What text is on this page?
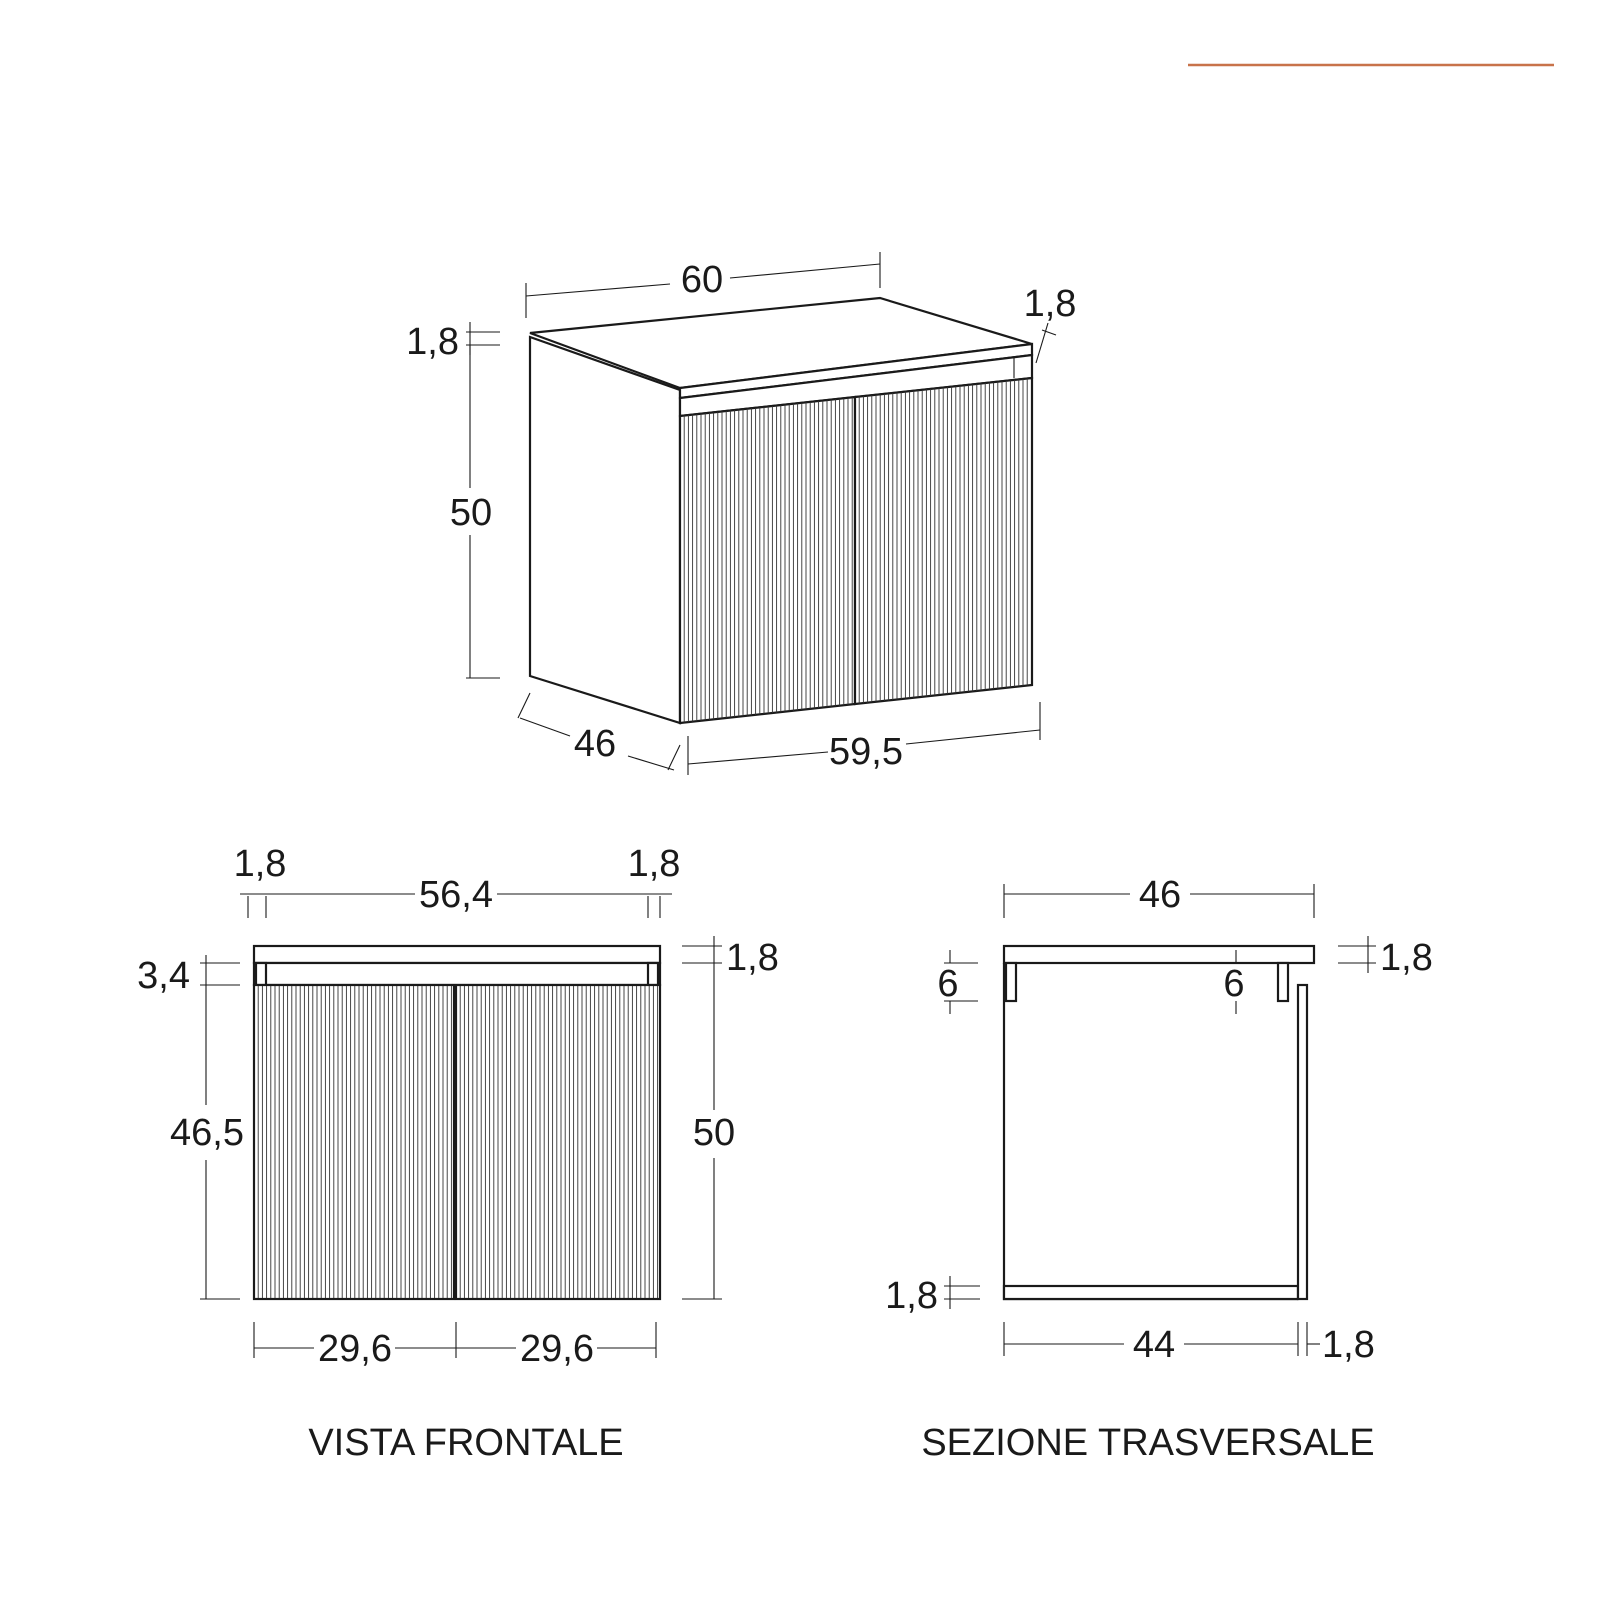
60
1,8
50
1,8
46	59,5
1,8
56,4
1,8
3,4
46,5
1,8
50
29,6	29,6
VISTA FRONTALE
46
1,8
6	6
1,8
44	1,8
SEZIONE TRASVERSALE
